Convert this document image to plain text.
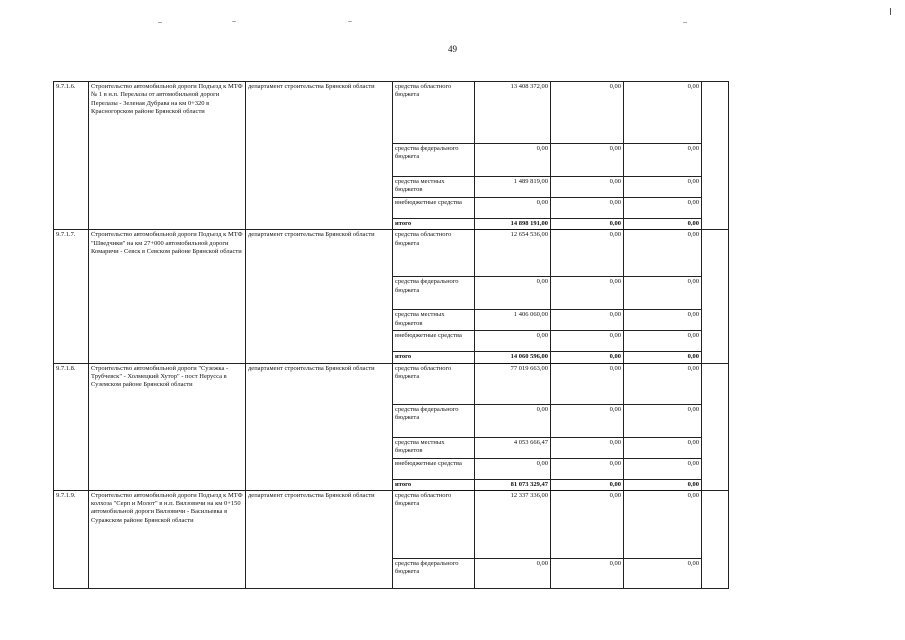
49
9.7.1.6.	Строительство автомобильной дороги Подъезд к МТФ № 1 в н.п. Перелазы от автомобильной дороги Перелазы - Зеленая Дубрава на км 0+320 в Красногорском районе Брянской области	департамент строительства Брянской области	средства областного бюджета	13 408 372,00	0,00	0,00	
			средства федерального бюджета	0,00	0,00	0,00	
			средства местных бюджетов	1 489 819,00	0,00	0,00	
			внебюджетные средства	0,00	0,00	0,00	
			итого	14 898 191,00	0,00	0,00	
9.7.1.7.	Строительство автомобильной дороги Подъезд к МТФ "Шведчики" на км 27+000 автомобильной дороги Комаричи - Севск в Севском районе Брянской области	департамент строительства Брянской области	средства областного бюджета	12 654 536,00	0,00	0,00	
			средства федерального бюджета	0,00	0,00	0,00	
			средства местных бюджетов	1 406 060,00	0,00	0,00	
			внебюджетные средства	0,00	0,00	0,00	
			итого	14 060 596,00	0,00	0,00	
9.7.1.8.	Строительство автомобильной дороги "Сузежка - Трубчевск" - Холмецкий Хутор" - пост Нерусса в Суземском районе Брянской области	департамент строительства Брянской области	средства областного бюджета	77 019 663,00	0,00	0,00	
			средства федерального бюджета	0,00	0,00	0,00	
			средства местных бюджетов	4 053 666,47	0,00	0,00	
			внебюджетные средства	0,00	0,00	0,00	
			итого	81 073 329,47	0,00	0,00	
9.7.1.9.	Строительство автомобильной дороги Подъезд к МТФ колхоза "Серп и Молот" в н.п. Вялзовичи на км 0+150 автомобильной дороги Вялзовичи - Васильевка в Суражском районе Брянской области	департамент строительства Брянской области	средства областного бюджета	12 337 336,00	0,00	0,00	
			средства федерального бюджета	0,00	0,00	0,00	
